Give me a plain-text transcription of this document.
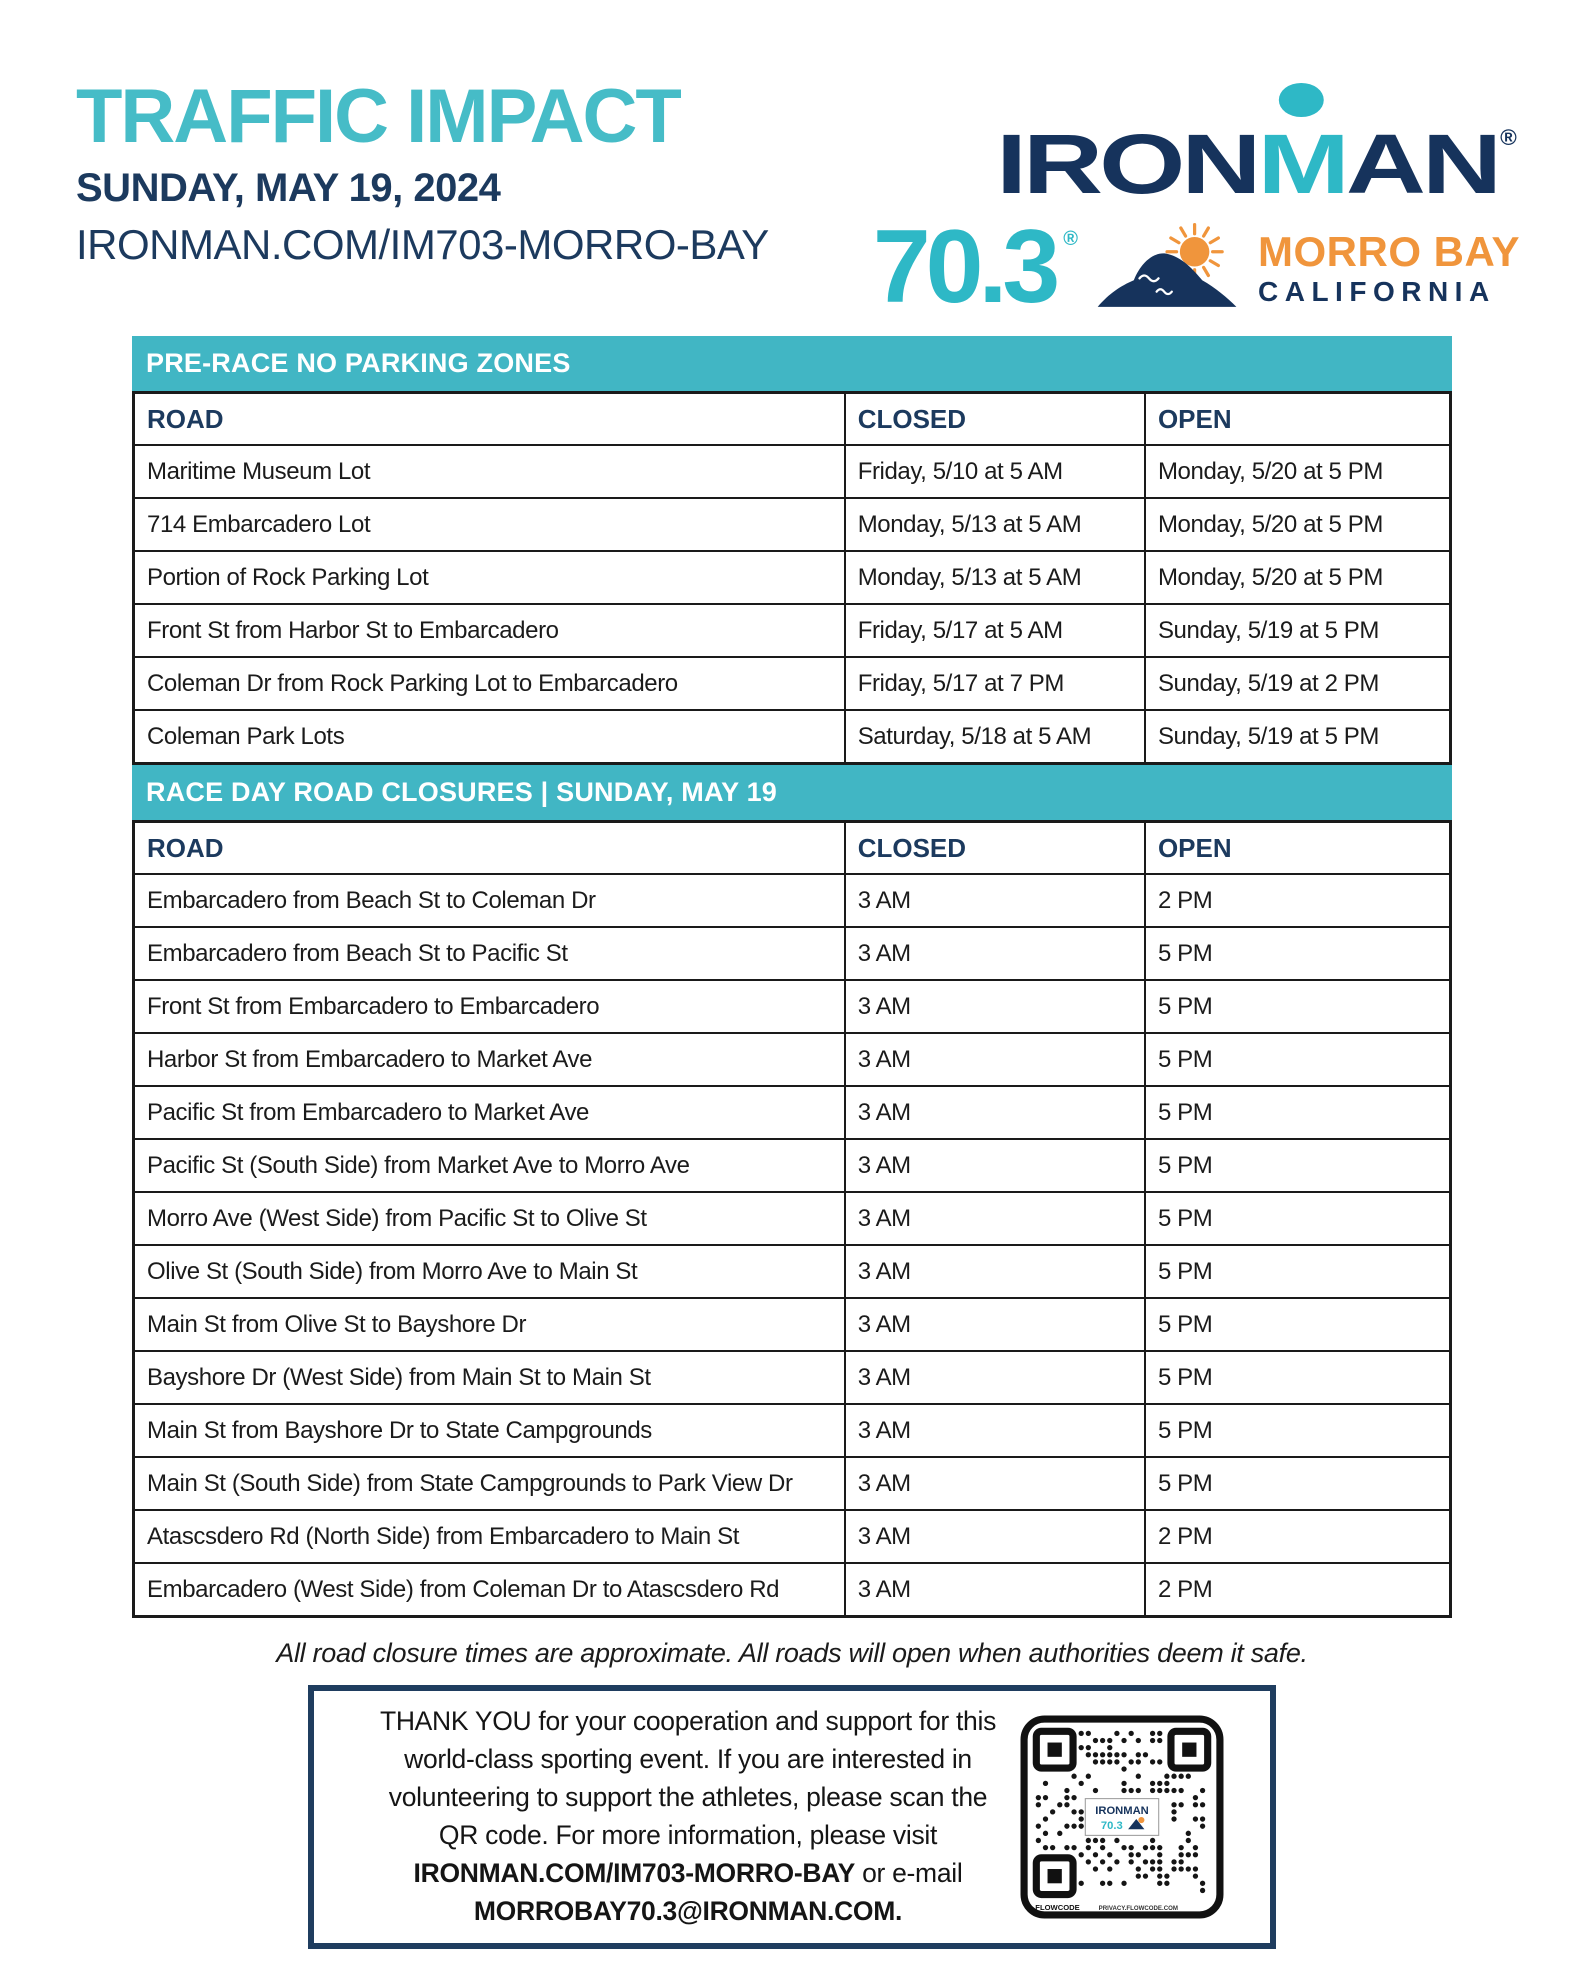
TRAFFIC IMPACT
SUNDAY, MAY 19, 2024
IRONMAN.COM/IM703-MORRO-BAY
IRON
MAN ®
70.3 ®	MORRO BAY
CALIFORNIA
PRE-RACE NO PARKING ZONES
ROAD	CLOSED	OPEN
Maritime Museum Lot	Friday, 5/10 at 5 AM	Monday, 5/20 at 5 PM
714 Embarcadero Lot	Monday, 5/13 at 5 AM	Monday, 5/20 at 5 PM
Portion of Rock Parking Lot	Monday, 5/13 at 5 AM	Monday, 5/20 at 5 PM
Front St from Harbor St to Embarcadero	Friday, 5/17 at 5 AM	Sunday, 5/19 at 5 PM
Coleman Dr from Rock Parking Lot to Embarcadero	Friday, 5/17 at 7 PM	Sunday, 5/19 at 2 PM
Coleman Park Lots	Saturday, 5/18 at 5 AM	Sunday, 5/19 at 5 PM
RACE DAY ROAD CLOSURES | SUNDAY, MAY 19
ROAD	CLOSED	OPEN
Embarcadero from Beach St to Coleman Dr	3 AM	2 PM
Embarcadero from Beach St to Pacific St	3 AM	5 PM
Front St from Embarcadero to Embarcadero	3 AM	5 PM
Harbor St from Embarcadero to Market Ave	3 AM	5 PM
Pacific St from Embarcadero to Market Ave	3 AM	5 PM
Pacific St (South Side) from Market Ave to Morro Ave	3 AM	5 PM
Morro Ave (West Side) from Pacific St to Olive St	3 AM	5 PM
Olive St (South Side) from Morro Ave to Main St	3 AM	5 PM
Main St from Olive St to Bayshore Dr	3 AM	5 PM
Bayshore Dr (West Side) from Main St to Main St	3 AM	5 PM
Main St from Bayshore Dr to State Campgrounds	3 AM	5 PM
Main St (South Side) from State Campgrounds to Park View Dr	3 AM	5 PM
Atascsdero Rd (North Side) from Embarcadero to Main St	3 AM	2 PM
Embarcadero (West Side) from Coleman Dr to Atascsdero Rd	3 AM	2 PM

All road closure times are approximate. All roads will open when authorities deem it safe.

THANK YOU for your cooperation and support for this world-class sporting event. If you are interested in volunteering to support the athletes, please scan the QR code. For more information, please visit IRONMAN.COM/IM703-MORRO-BAY or e-mail MORROBAY70.3@IRONMAN.COM.

IRONMAN
70.3
FLOWCODE	PRIVACY.FLOWCODE.COM
